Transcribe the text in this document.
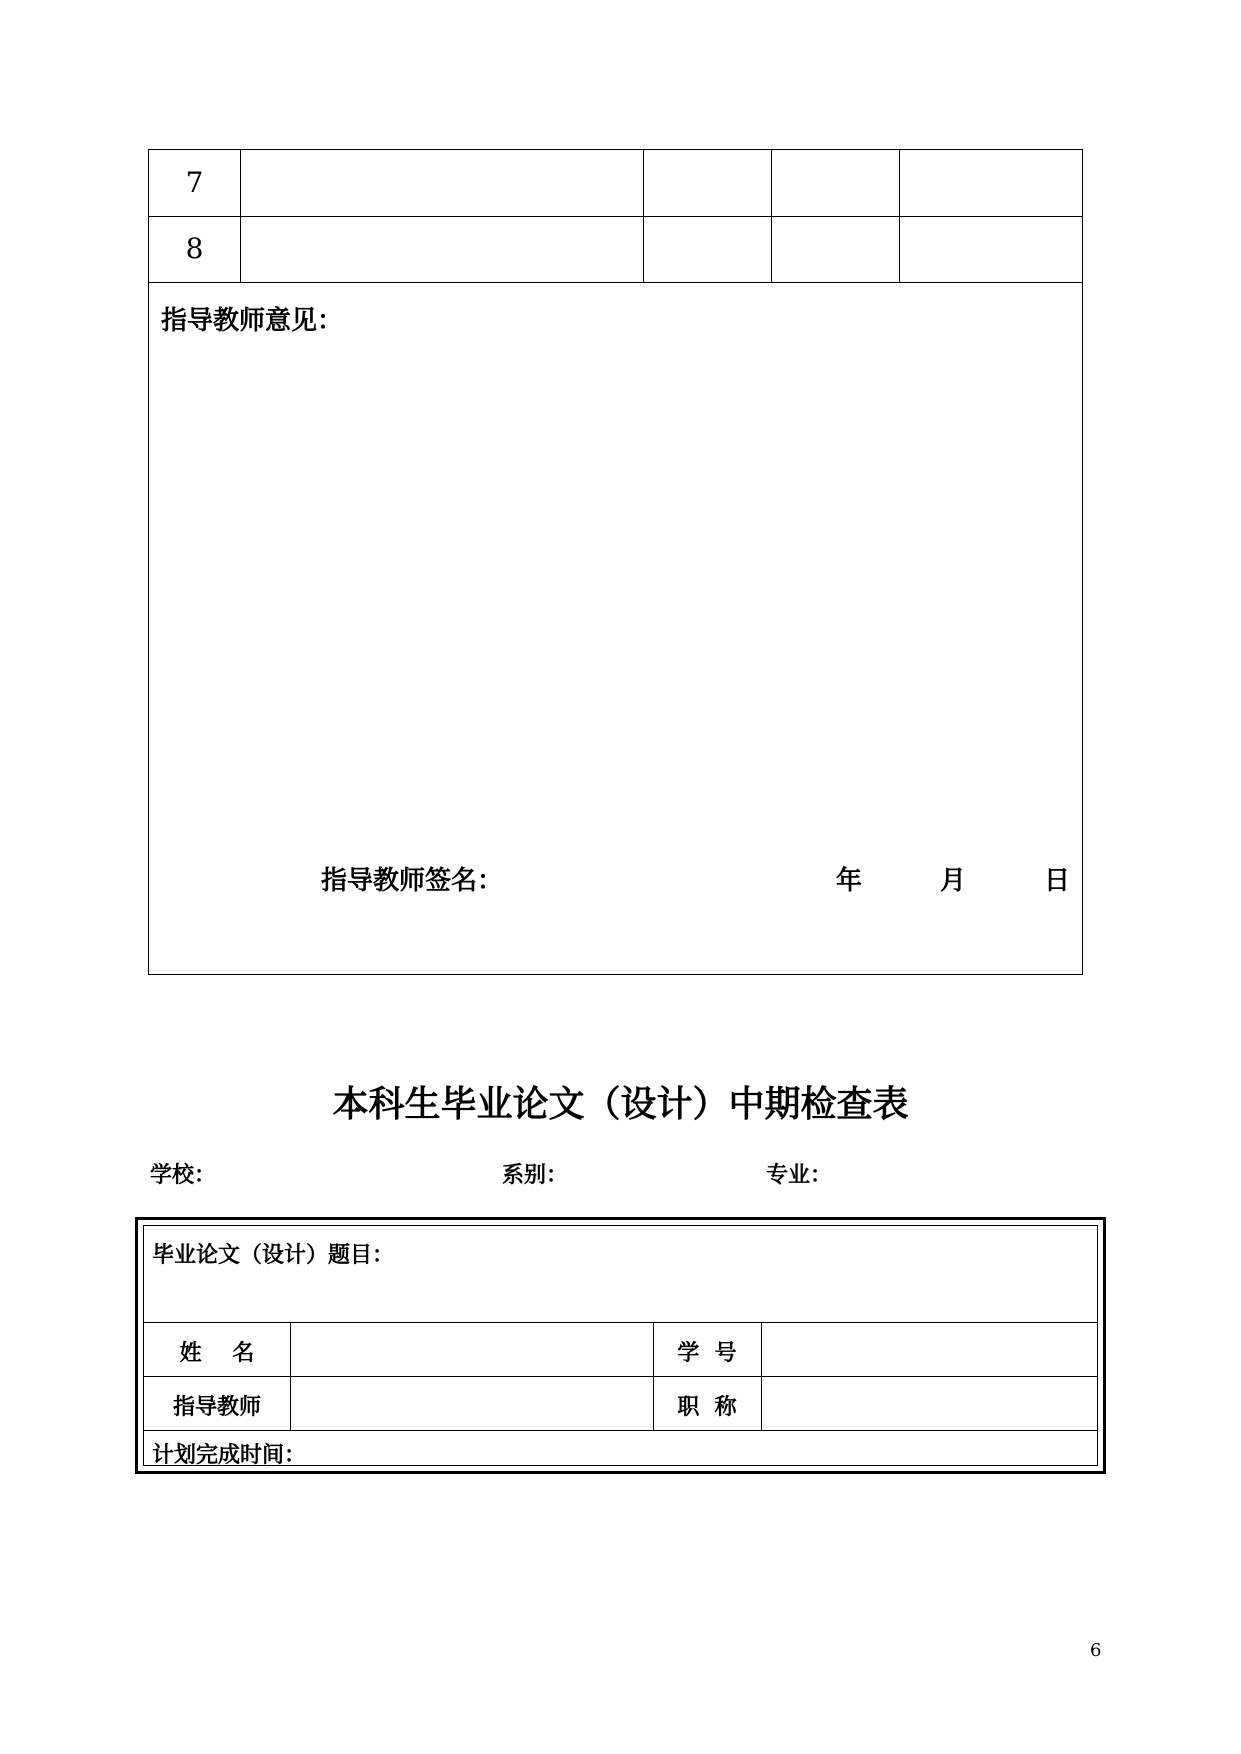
7
8
指导教师意见：
指导教师签名：	年	月	日
本科生毕业论文（设计）中期检查表
学校：	系别：	专业：
毕业论文（设计）题目：
姓    名	学  号
指导教师	职  称
计划完成时间：
6
